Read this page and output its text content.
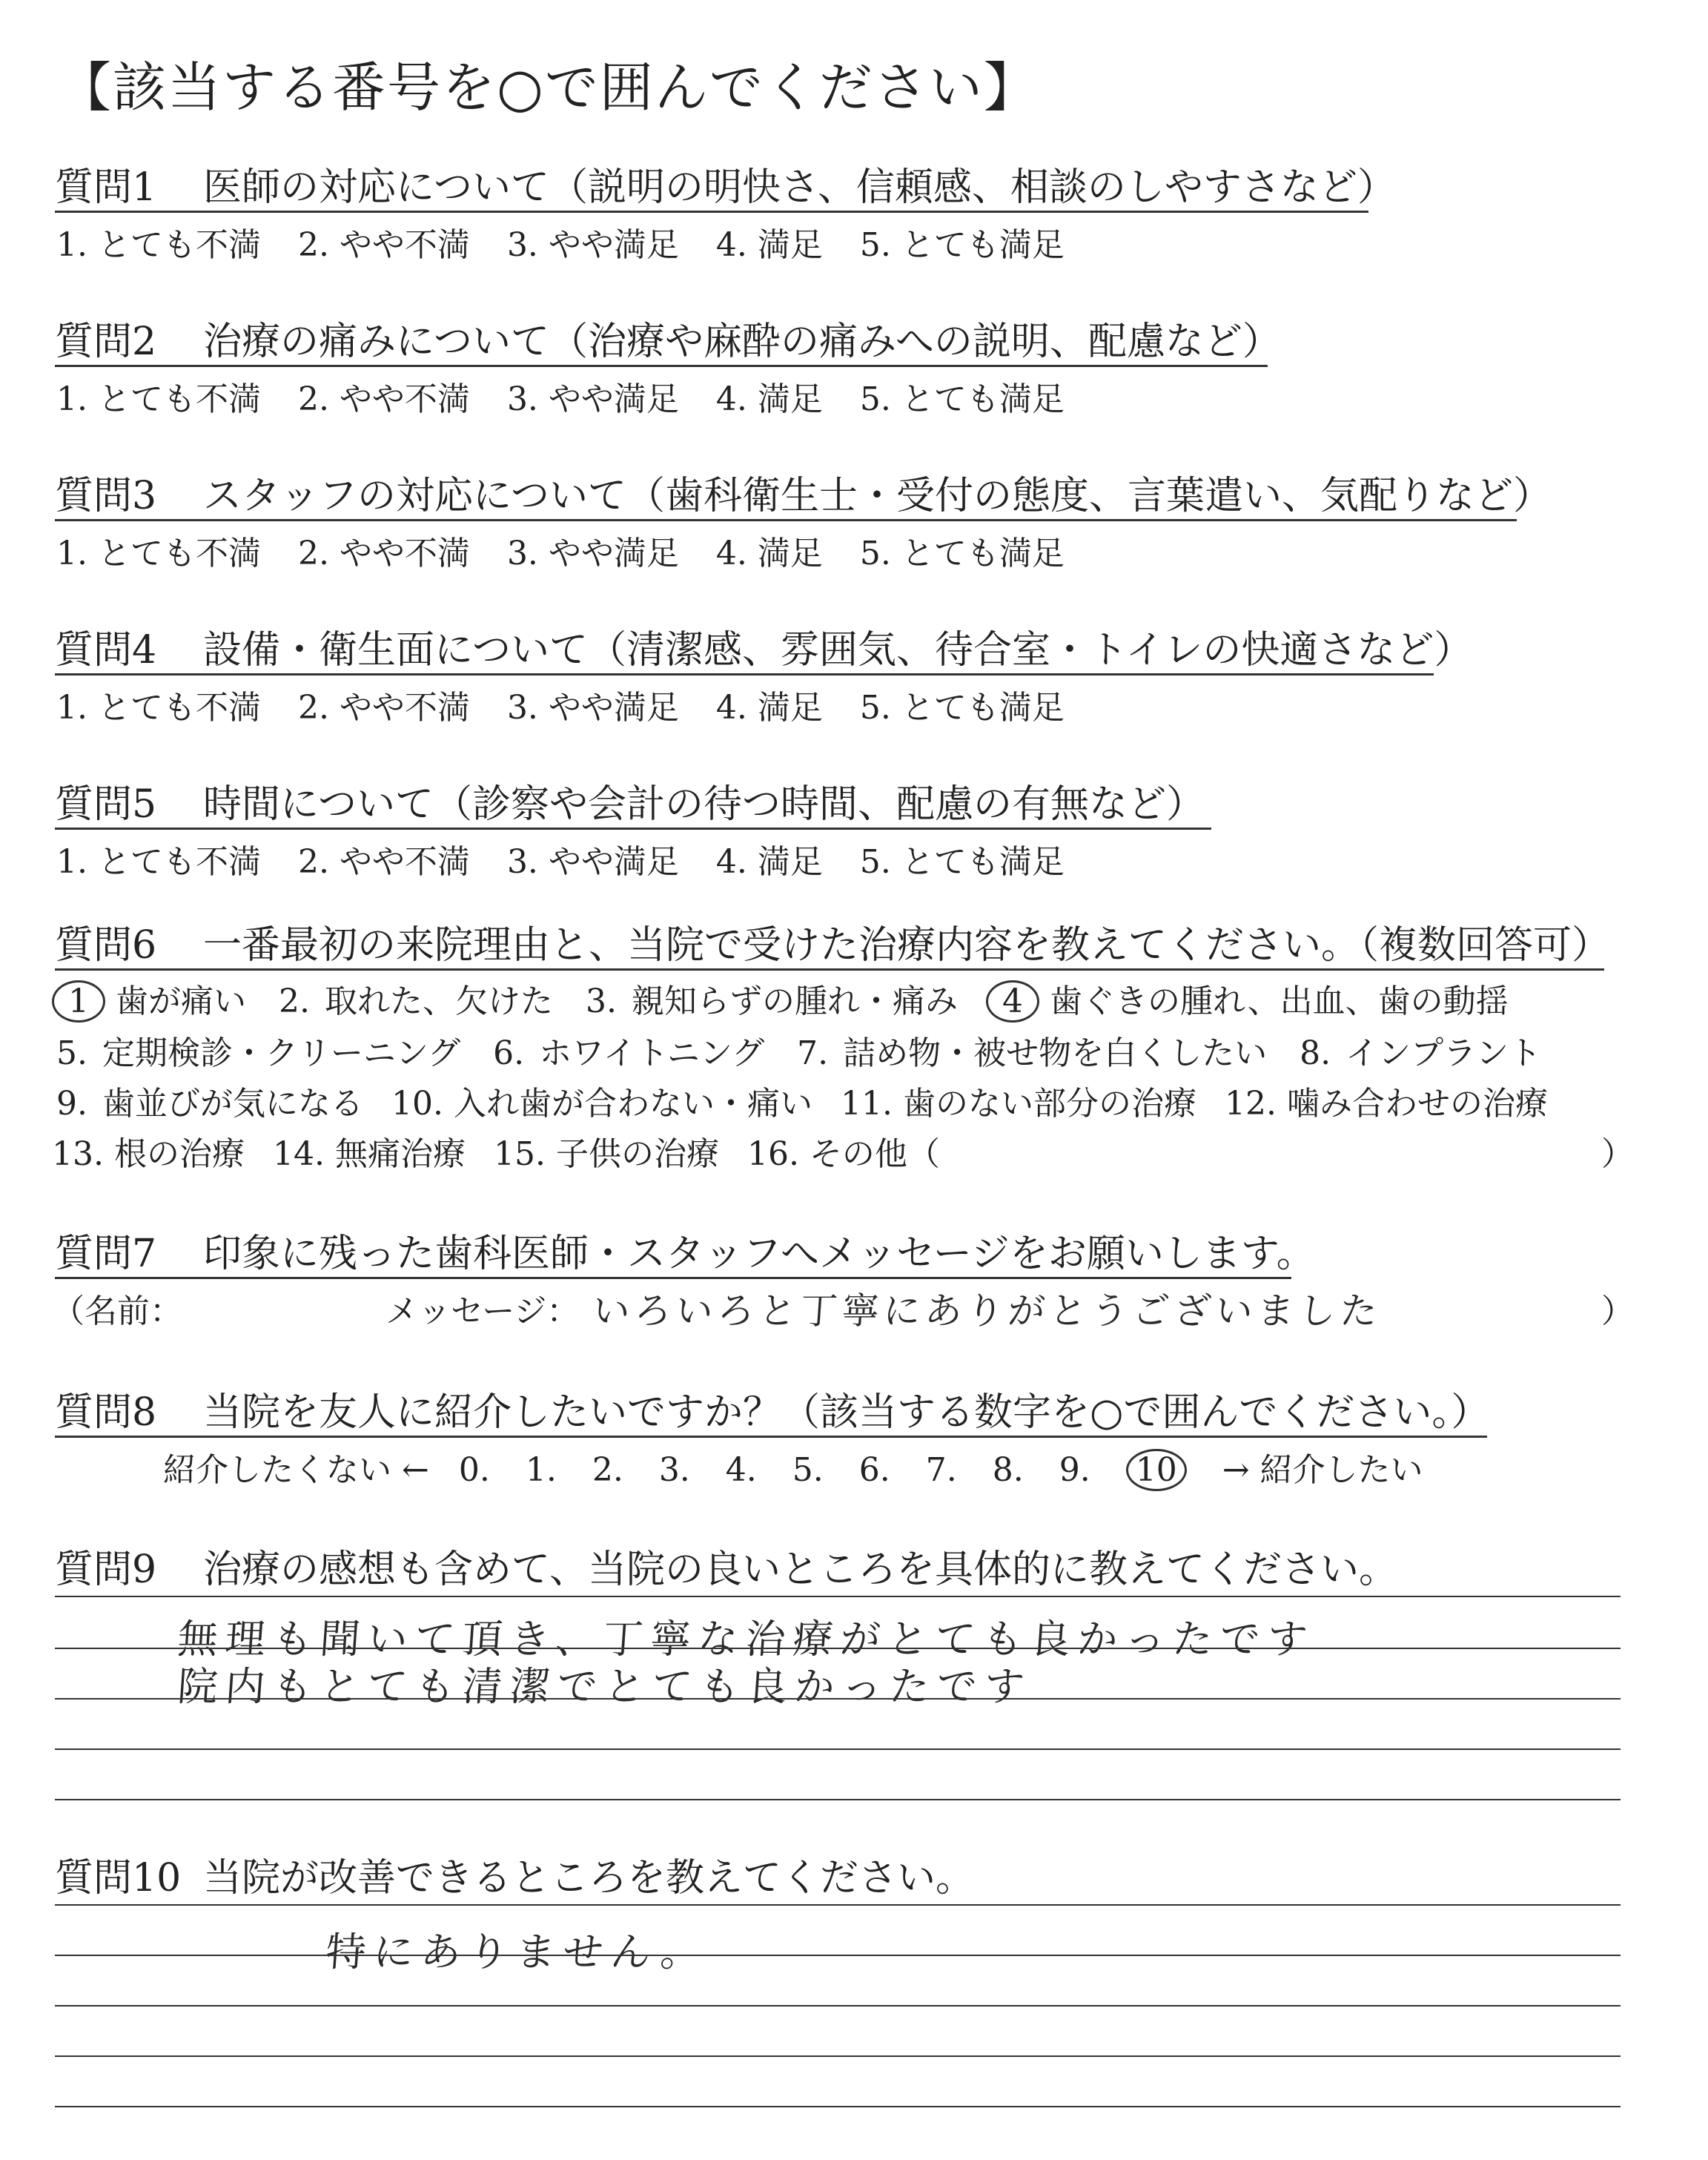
【該当する番号を○で囲んでください】
質問1 医師の対応について（説明の明快さ、信頼感、相談のしやすさなど）
1. とても不満 2. やや不満 3. やや満足 4. 満足 5. とても満足
質問2 治療の痛みについて（治療や麻酔の痛みへの説明、配慮など）
1. とても不満 2. やや不満 3. やや満足 4. 満足 5. とても満足
質問3 スタッフの対応について（歯科衛生士・受付の態度、言葉遣い、気配りなど）
1. とても不満 2. やや不満 3. やや満足 4. 満足 5. とても満足
質問4 設備・衛生面について（清潔感、雰囲気、待合室・トイレの快適さなど）
1. とても不満 2. やや不満 3. やや満足 4. 満足 5. とても満足
質問5 時間について（診察や会計の待つ時間、配慮の有無など）
1. とても不満 2. やや不満 3. やや満足 4. 満足 5. とても満足
質問6 一番最初の来院理由と、当院で受けた治療内容を教えてください。（複数回答可）
1 歯が痛い 2. 取れた、欠けた 3. 親知らずの腫れ・痛み 4 歯ぐきの腫れ、出血、歯の動揺
5. 定期検診・クリーニング 6. ホワイトニング 7. 詰め物・被せ物を白くしたい 8. インプラント
9. 歯並びが気になる 10. 入れ歯が合わない・痛い 11. 歯のない部分の治療 12. 噛み合わせの治療
13. 根の治療 14. 無痛治療 15. 子供の治療 16. その他（	）
質問7 印象に残った歯科医師・スタッフへメッセージをお願いします。
（名前：	メッセージ： いろいろと丁寧にありがとうございました	）
質問8 当院を友人に紹介したいですか？（該当する数字を○で囲んでください。）
紹介したくない ← 0. 1. 2. 3. 4. 5. 6. 7. 8. 9. 10 → 紹介したい
質問9 治療の感想も含めて、当院の良いところを具体的に教えてください。
無理も聞いて頂き、丁寧な治療がとても良かったです
院内もとても清潔でとても良かったです
質問10 当院が改善できるところを教えてください。
特にありません。
